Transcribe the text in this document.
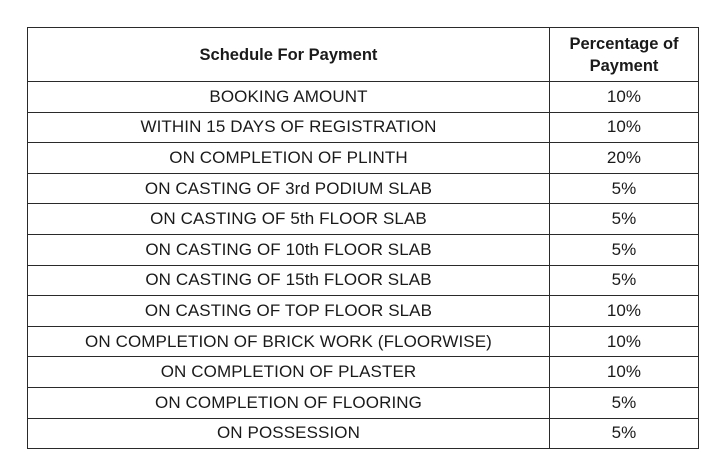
Schedule For Payment	Percentage of
Payment
BOOKING AMOUNT	10%
WITHIN 15 DAYS OF REGISTRATION	10%
ON COMPLETION OF PLINTH	20%
ON CASTING OF 3rd PODIUM SLAB	5%
ON CASTING OF 5th FLOOR SLAB	5%
ON CASTING OF 10th FLOOR SLAB	5%
ON CASTING OF 15th FLOOR SLAB	5%
ON CASTING OF TOP FLOOR SLAB	10%
ON COMPLETION OF BRICK WORK (FLOORWISE)	10%
ON COMPLETION OF PLASTER	10%
ON COMPLETION OF FLOORING	5%
ON POSSESSION	5%
